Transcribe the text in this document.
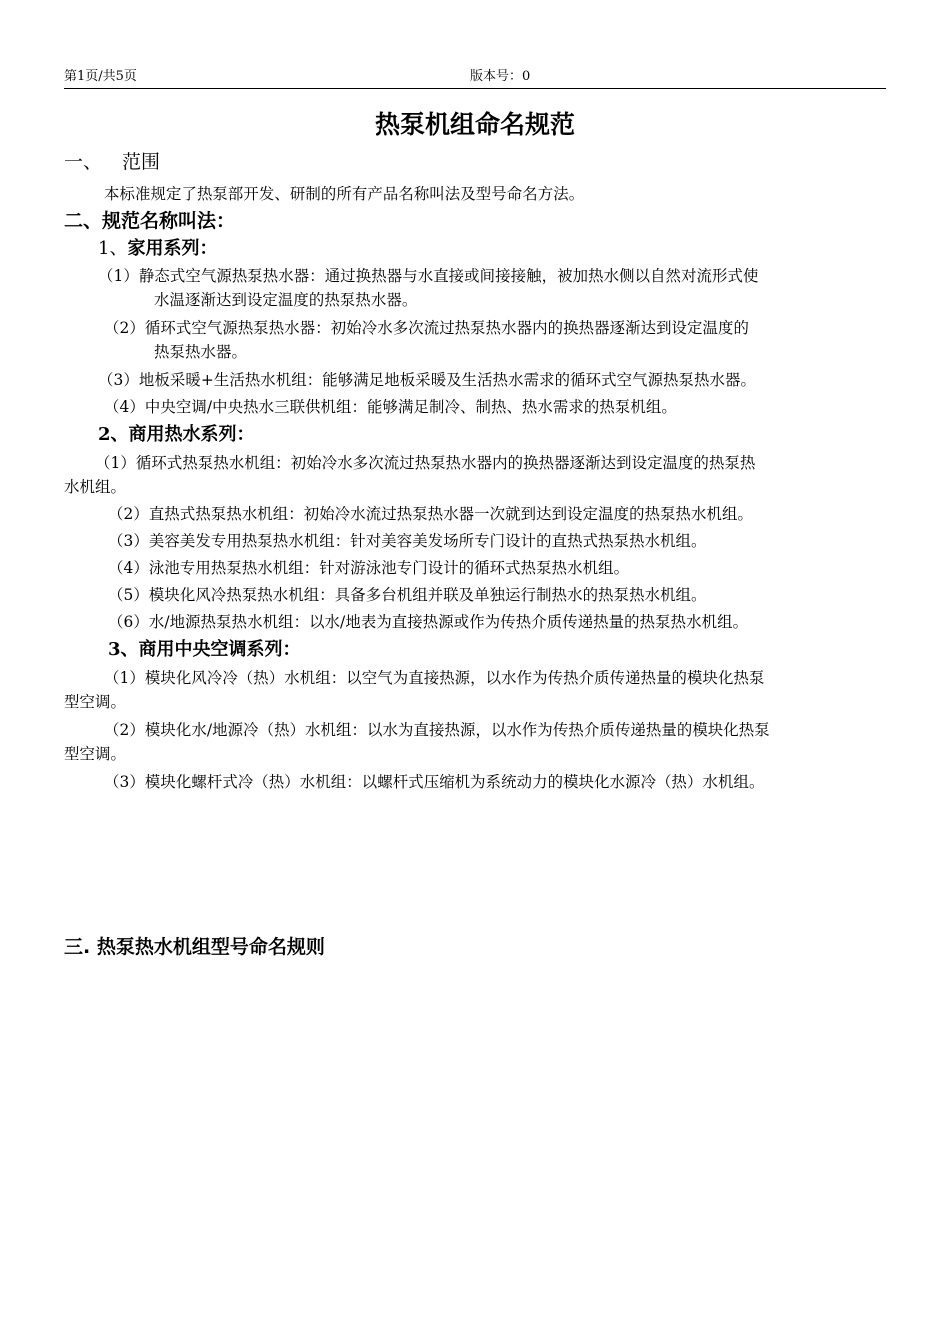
第1页/共5页	版本号：0
热泵机组命名规范
一、 范围
本标准规定了热泵部开发、研制的所有产品名称叫法及型号命名方法。
二、规范名称叫法：
1、家用系列：
（1）静态式空气源热泵热水器：通过换热器与水直接或间接接触，被加热水侧以自然对流形式使
水温逐渐达到设定温度的热泵热水器。
（2）循环式空气源热泵热水器：初始冷水多次流过热泵热水器内的换热器逐渐达到设定温度的
热泵热水器。
（3）地板采暖+生活热水机组：能够满足地板采暖及生活热水需求的循环式空气源热泵热水器。
（4）中央空调/中央热水三联供机组：能够满足制冷、制热、热水需求的热泵机组。
2、商用热水系列：
（1）循环式热泵热水机组：初始冷水多次流过热泵热水器内的换热器逐渐达到设定温度的热泵热
水机组。
（2）直热式热泵热水机组：初始冷水流过热泵热水器一次就到达到设定温度的热泵热水机组。
（3）美容美发专用热泵热水机组：针对美容美发场所专门设计的直热式热泵热水机组。
（4）泳池专用热泵热水机组：针对游泳池专门设计的循环式热泵热水机组。
（5）模块化风冷热泵热水机组：具备多台机组并联及单独运行制热水的热泵热水机组。
（6）水/地源热泵热水机组：以水/地表为直接热源或作为传热介质传递热量的热泵热水机组。
3、商用中央空调系列：
（1）模块化风冷冷（热）水机组：以空气为直接热源，以水作为传热介质传递热量的模块化热泵
型空调。
（2）模块化水/地源冷（热）水机组：以水为直接热源，以水作为传热介质传递热量的模块化热泵
型空调。
（3）模块化螺杆式冷（热）水机组：以螺杆式压缩机为系统动力的模块化水源冷（热）水机组。
三. 热泵热水机组型号命名规则
